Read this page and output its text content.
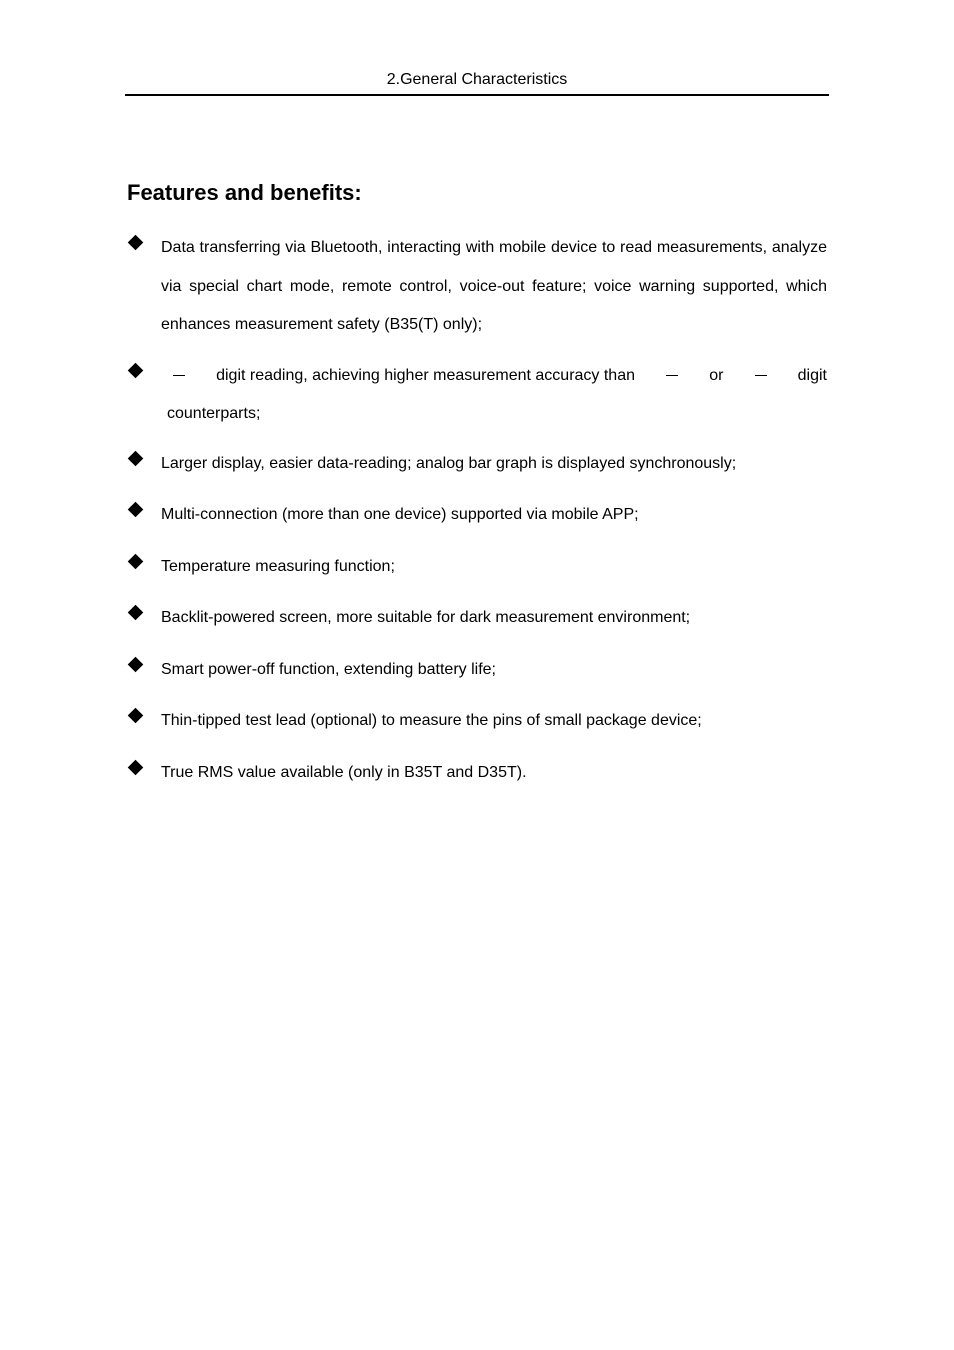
2.General Characteristics
Features and benefits:
Data transferring via Bluetooth, interacting with mobile device to read measurements, analyze via special chart mode, remote control, voice-out feature; voice warning supported, which enhances measurement safety (B35(T) only);
digit reading, achieving higher measurement accuracy than	or	digit
counterparts;
Larger display, easier data-reading; analog bar graph is displayed synchronously;
Multi-connection (more than one device) supported via mobile APP;
Temperature measuring function;
Backlit-powered screen, more suitable for dark measurement environment;
Smart power-off function, extending battery life;
Thin-tipped test lead (optional) to measure the pins of small package device;
True RMS value available (only in B35T and D35T).
